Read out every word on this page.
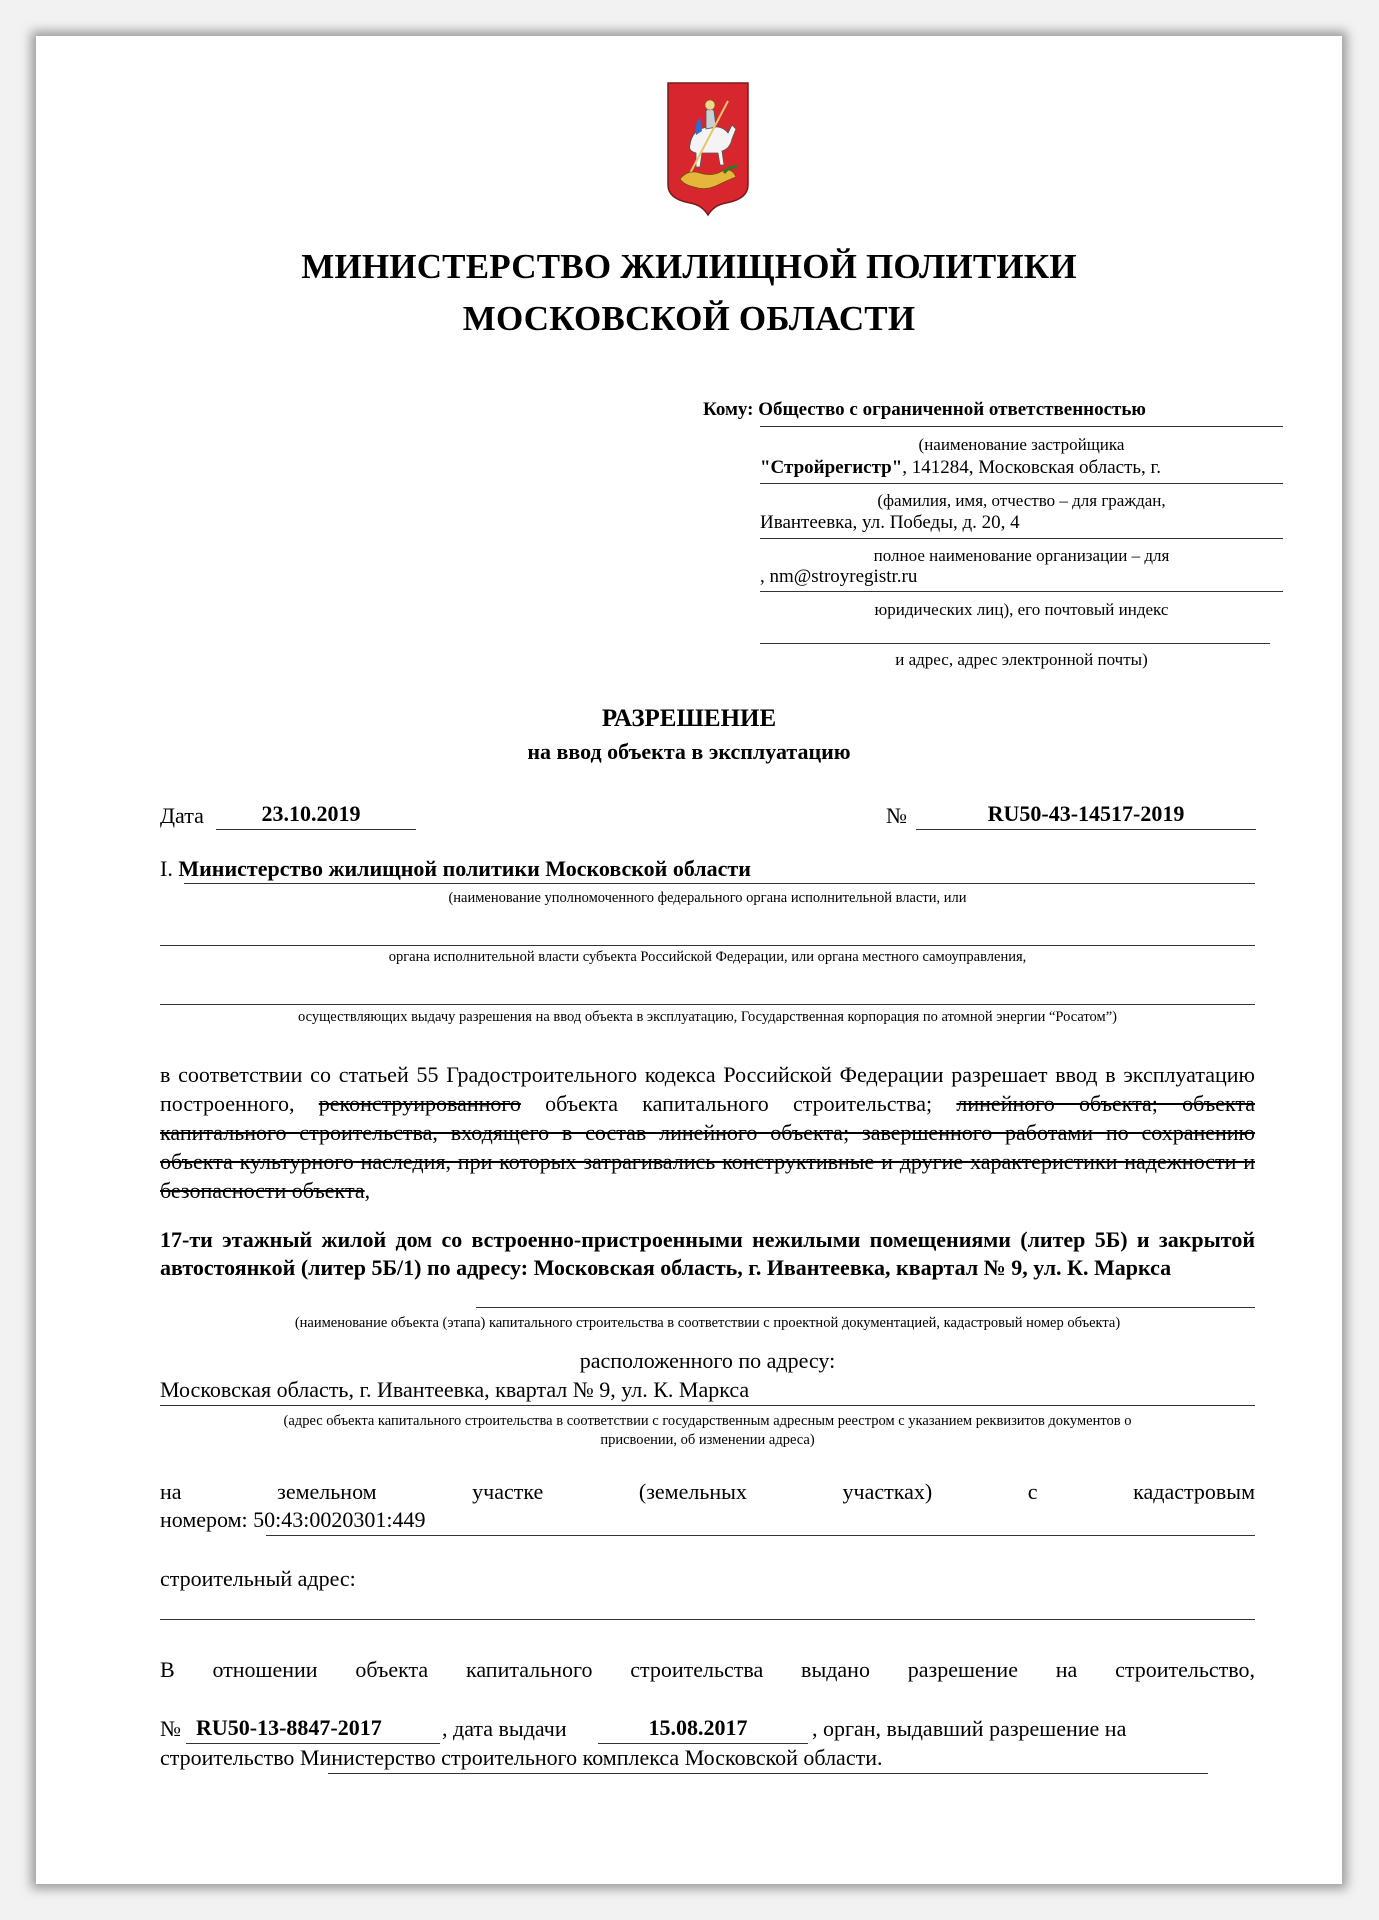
МИНИСТЕРСТВО ЖИЛИЩНОЙ ПОЛИТИКИ
МОСКОВСКОЙ ОБЛАСТИ
Кому: Общество с ограниченной ответственностью
(наименование застройщика
"Стройрегистр", 141284, Московская область, г.
(фамилия, имя, отчество – для граждан,
Ивантеевка, ул. Победы, д. 20, 4
полное наименование организации – для
, nm@stroyregistr.ru
юридических лиц), его почтовый индекс
и адрес, адрес электронной почты)
РАЗРЕШЕНИЕ
на ввод объекта в эксплуатацию
Дата	23.10.2019	№	RU50-43-14517-2019
I. Министерство жилищной политики Московской области
(наименование уполномоченного федерального органа исполнительной власти, или
органа исполнительной власти субъекта Российской Федерации, или органа местного самоуправления,
осуществляющих выдачу разрешения на ввод объекта в эксплуатацию, Государственная корпорация по атомной энергии “Росатом”)
в соответствии со статьей 55 Градостроительного кодекса Российской Федерации разрешает ввод в эксплуатацию построенного, реконструированного объекта капитального строительства; линейного объекта; объекта капитального строительства, входящего в состав линейного объекта; завершенного работами по сохранению объекта культурного наследия, при которых затрагивались конструктивные и другие характеристики надежности и безопасности объекта,
17-ти этажный жилой дом со встроенно-пристроенными нежилыми помещениями (литер 5Б) и закрытой автостоянкой (литер 5Б/1) по адресу: Московская область, г. Ивантеевка, квартал № 9, ул. К. Маркса
(наименование объекта (этапа) капитального строительства в соответствии с проектной документацией, кадастровый номер объекта)
расположенного по адресу:
Московская область, г. Ивантеевка, квартал № 9, ул. К. Маркса
(адрес объекта капитального строительства в соответствии с государственным адресным реестром с указанием реквизитов документов о
присвоении, об изменении адреса)
на земельном участке (земельных участках) с кадастровым
номером: 50:43:0020301:449
строительный адрес:
В отношении объекта капитального строительства выдано разрешение на строительство,
№ RU50-13-8847-2017	, дата выдачи	15.08.2017	, орган, выдавший разрешение на
строительство Министерство строительного комплекса Московской области.
